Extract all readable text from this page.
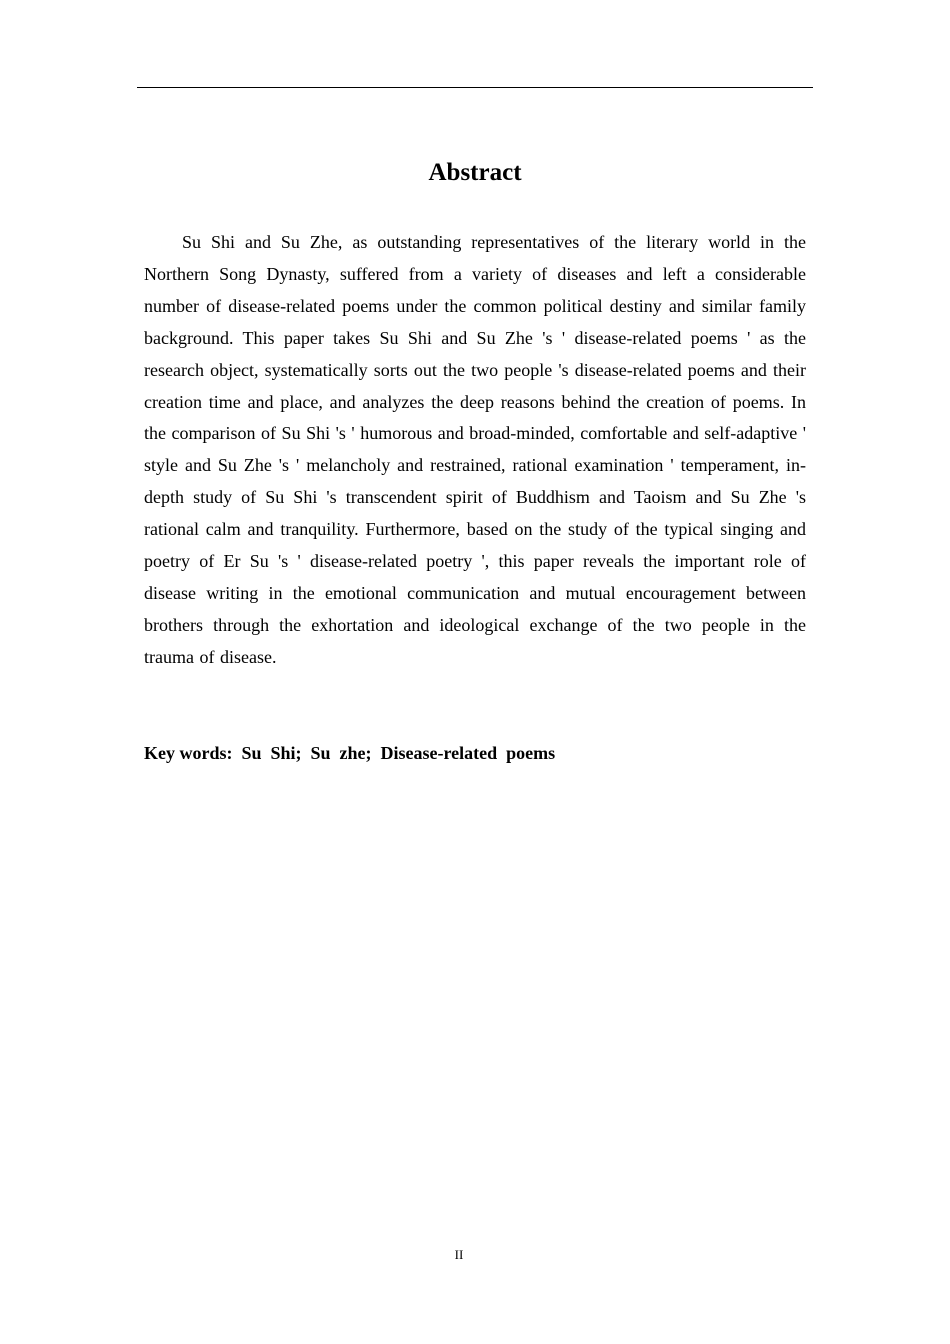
Abstract

Su Shi and Su Zhe, as outstanding representatives of the literary world in the Northern Song Dynasty, suffered from a variety of diseases and left a considerable number of disease-related poems under the common political destiny and similar family background. This paper takes Su Shi and Su Zhe 's ' disease-related poems ' as the research object, systematically sorts out the two people 's disease-related poems and their creation time and place, and analyzes the deep reasons behind the creation of poems. In the comparison of Su Shi 's ' humorous and broad-minded, comfortable and self-adaptive ' style and Su Zhe 's ' melancholy and restrained, rational examination ' temperament, in-depth study of Su Shi 's transcendent spirit of Buddhism and Taoism and Su Zhe 's rational calm and tranquility. Furthermore, based on the study of the typical singing and poetry of Er Su 's ' disease-related poetry ', this paper reveals the important role of disease writing in the emotional communication and mutual encouragement between brothers through the exhortation and ideological exchange of the two people in the trauma of disease.

Key words:  Su  Shi;  Su  zhe;  Disease-related  poems
II
